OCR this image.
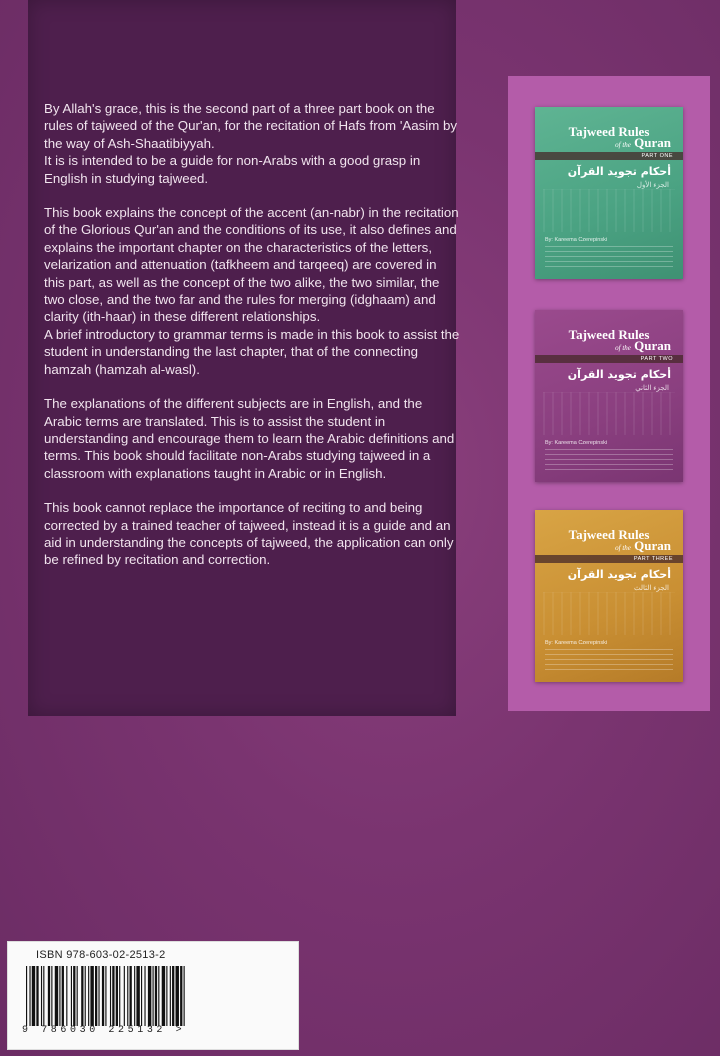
By Allah's grace, this is the second part of a three part book on the rules of tajweed of the Qur'an, for the recitation of Hafs from 'Aasim by the way of Ash-Shaatibiyyah.

It is is intended to be a guide for non-Arabs with a good grasp in English in studying tajweed.

This book explains the concept of the accent (an-nabr) in the recitation of the Glorious Qur'an and the conditions of its use, it also defines and explains the important chapter on the characteristics of the letters, velarization and attenuation (tafkheem and tarqeeq) are covered in this part, as well as the concept of the two alike, the two similar, the two close, and the two far and the rules for merging (idghaam) and clarity (ith-haar) in these different relationships.

A brief introductory to grammar terms is made in this book to assist the student in understanding the last chapter, that of the connecting hamzah (hamzah al-wasl).

The explanations of the different subjects are in English, and the Arabic terms are translated. This is to assist the student in understanding and encourage them to learn the Arabic definitions and terms. This book should facilitate non-Arabs studying tajweed in a classroom with explanations taught in Arabic or in English.

This book cannot replace the importance of reciting to and being corrected by a trained teacher of tajweed, instead it is a guide and an aid in understanding the concepts of tajweed, the application can only be refined by recitation and correction.

Tajweed Rules
of the Quran
PART ONE
أحكام تجويد القرآن
الجزء الأول
By: Kareema Czerepinski
Tajweed Rules
of the Quran
PART TWO
أحكام تجويد القرآن
الجزء الثاني
By: Kareema Czerepinski
Tajweed Rules
of the Quran
PART THREE
أحكام تجويد القرآن
الجزء الثالث
By: Kareema Czerepinski
ISBN 978-603-02-2513-2
9 786030 225132 >
